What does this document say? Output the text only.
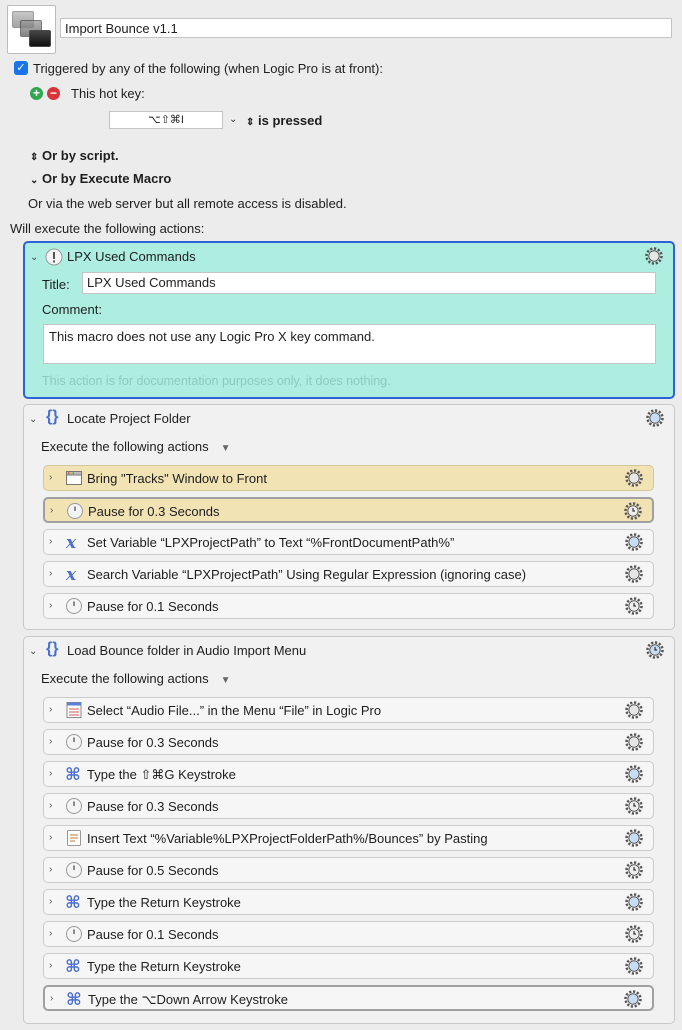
Import Bounce v1.1
✓ Triggered by any of the following (when Logic Pro is at front):
+ − This hot key:
⌥⇧⌘I	⌄ ⇕ is pressed
⇕ Or by script.
⌄ Or by Execute Macro
Or via the web server but all remote access is disabled.
Will execute the following actions:
⌄ LPX Used Commands
Title:	LPX Used Commands
Comment:
This macro does not use any Logic Pro X key command.
This action is for documentation purposes only, it does nothing.
⌄ {} Locate Project Folder
Execute the following actions ▼
›	Bring "Tracks" Window to Front
›	Pause for 0.3 Seconds
› x Set Variable “LPXProjectPath” to Text “%FrontDocumentPath%”
› x Search Variable “LPXProjectPath” Using Regular Expression (ignoring case)
›	Pause for 0.1 Seconds
⌄ {} Load Bounce folder in Audio Import Menu
Execute the following actions ▼
›	Select “Audio File...” in the Menu “File” in Logic Pro
›	Pause for 0.3 Seconds
› ⌘ Type the ⇧⌘G Keystroke
›	Pause for 0.3 Seconds
›	Insert Text “%Variable%LPXProjectFolderPath%/Bounces” by Pasting
›	Pause for 0.5 Seconds
› ⌘ Type the Return Keystroke
›	Pause for 0.1 Seconds
› ⌘ Type the Return Keystroke
› ⌘ Type the ⌥Down Arrow Keystroke
